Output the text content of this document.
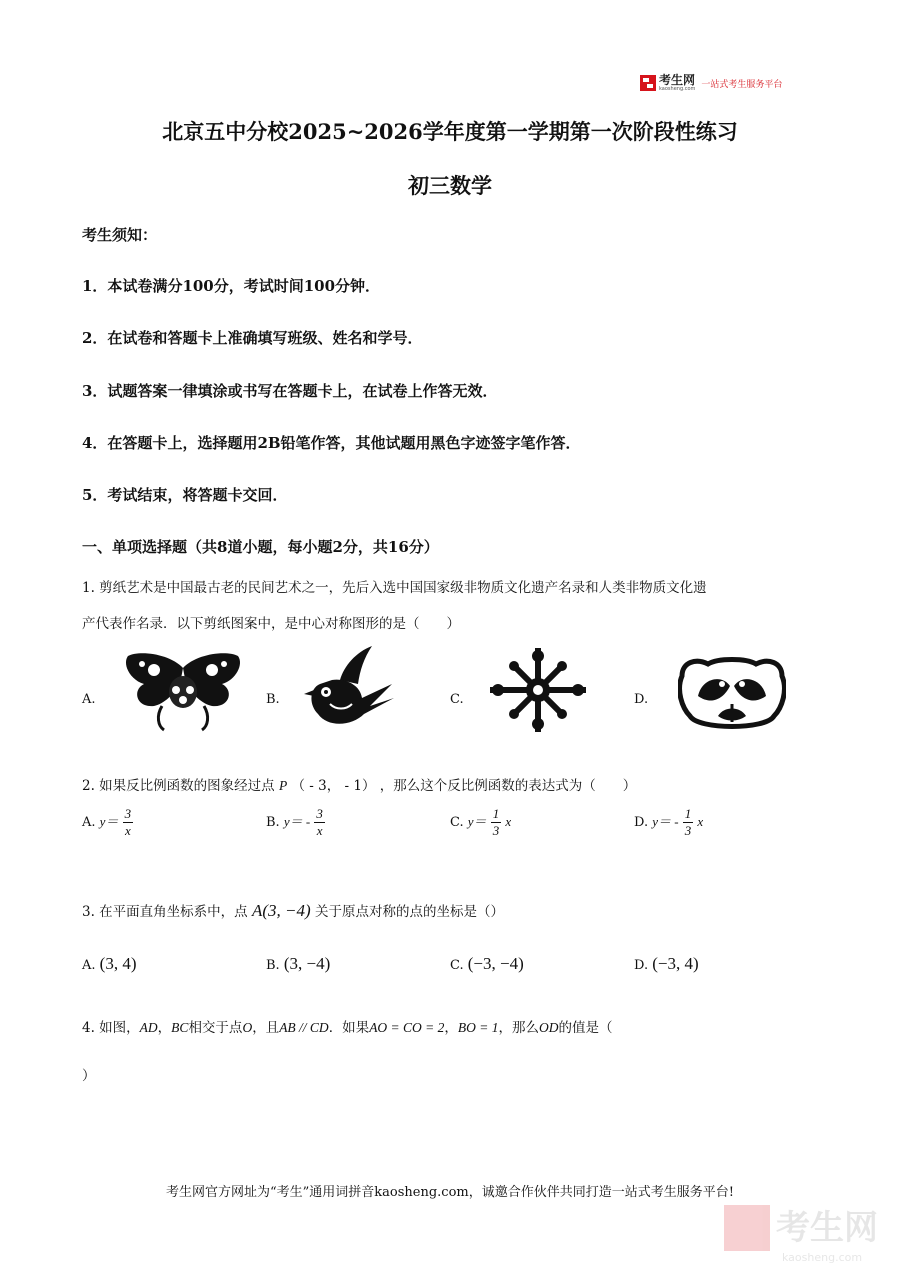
考生网
kaosheng.com 一站式考生服务平台
北京五中分校2025~2026学年度第一学期第一次阶段性练习
初三数学
考生须知：
1．本试卷满分100分，考试时间100分钟．
2．在试卷和答题卡上准确填写班级、姓名和学号．
3．试题答案一律填涂或书写在答题卡上，在试卷上作答无效．
4．在答题卡上，选择题用2B铅笔作答，其他试题用黑色字迹签字笔作答．
5．考试结束，将答题卡交回．
一、单项选择题（共8道小题，每小题2分，共16分）
1. 剪纸艺术是中国最古老的民间艺术之一，先后入选中国国家级非物质文化遗产名录和人类非物质文化遗
产代表作名录．以下剪纸图案中，是中心对称图形的是（　　）
A.	B.	C.	D.
2. 如果反比例函数的图象经过点 P （ - 3， - 1） ，那么这个反比例函数的表达式为（　　）
A. $y= \frac{3}{x}$	B. $y= - \frac{3}{x}$	C. $y= \frac{1}{3}$ x	D. $y= - \frac{1}{3}$ x
3. 在平面直角坐标系中，点 A(3, −4) 关于原点对称的点的坐标是（）
A. (3, 4)	B. (3, −4)	C. (−3, −4)	D. (−3, 4)
4. 如图，AD，BC相交于点O，且AB // CD．如果AO = CO = 2，BO = 1，那么OD的值是（
）
考生网官方网址为“考生”通用词拼音kaosheng.com，诚邀合作伙伴共同打造一站式考生服务平台!
考生网
kaosheng.com
